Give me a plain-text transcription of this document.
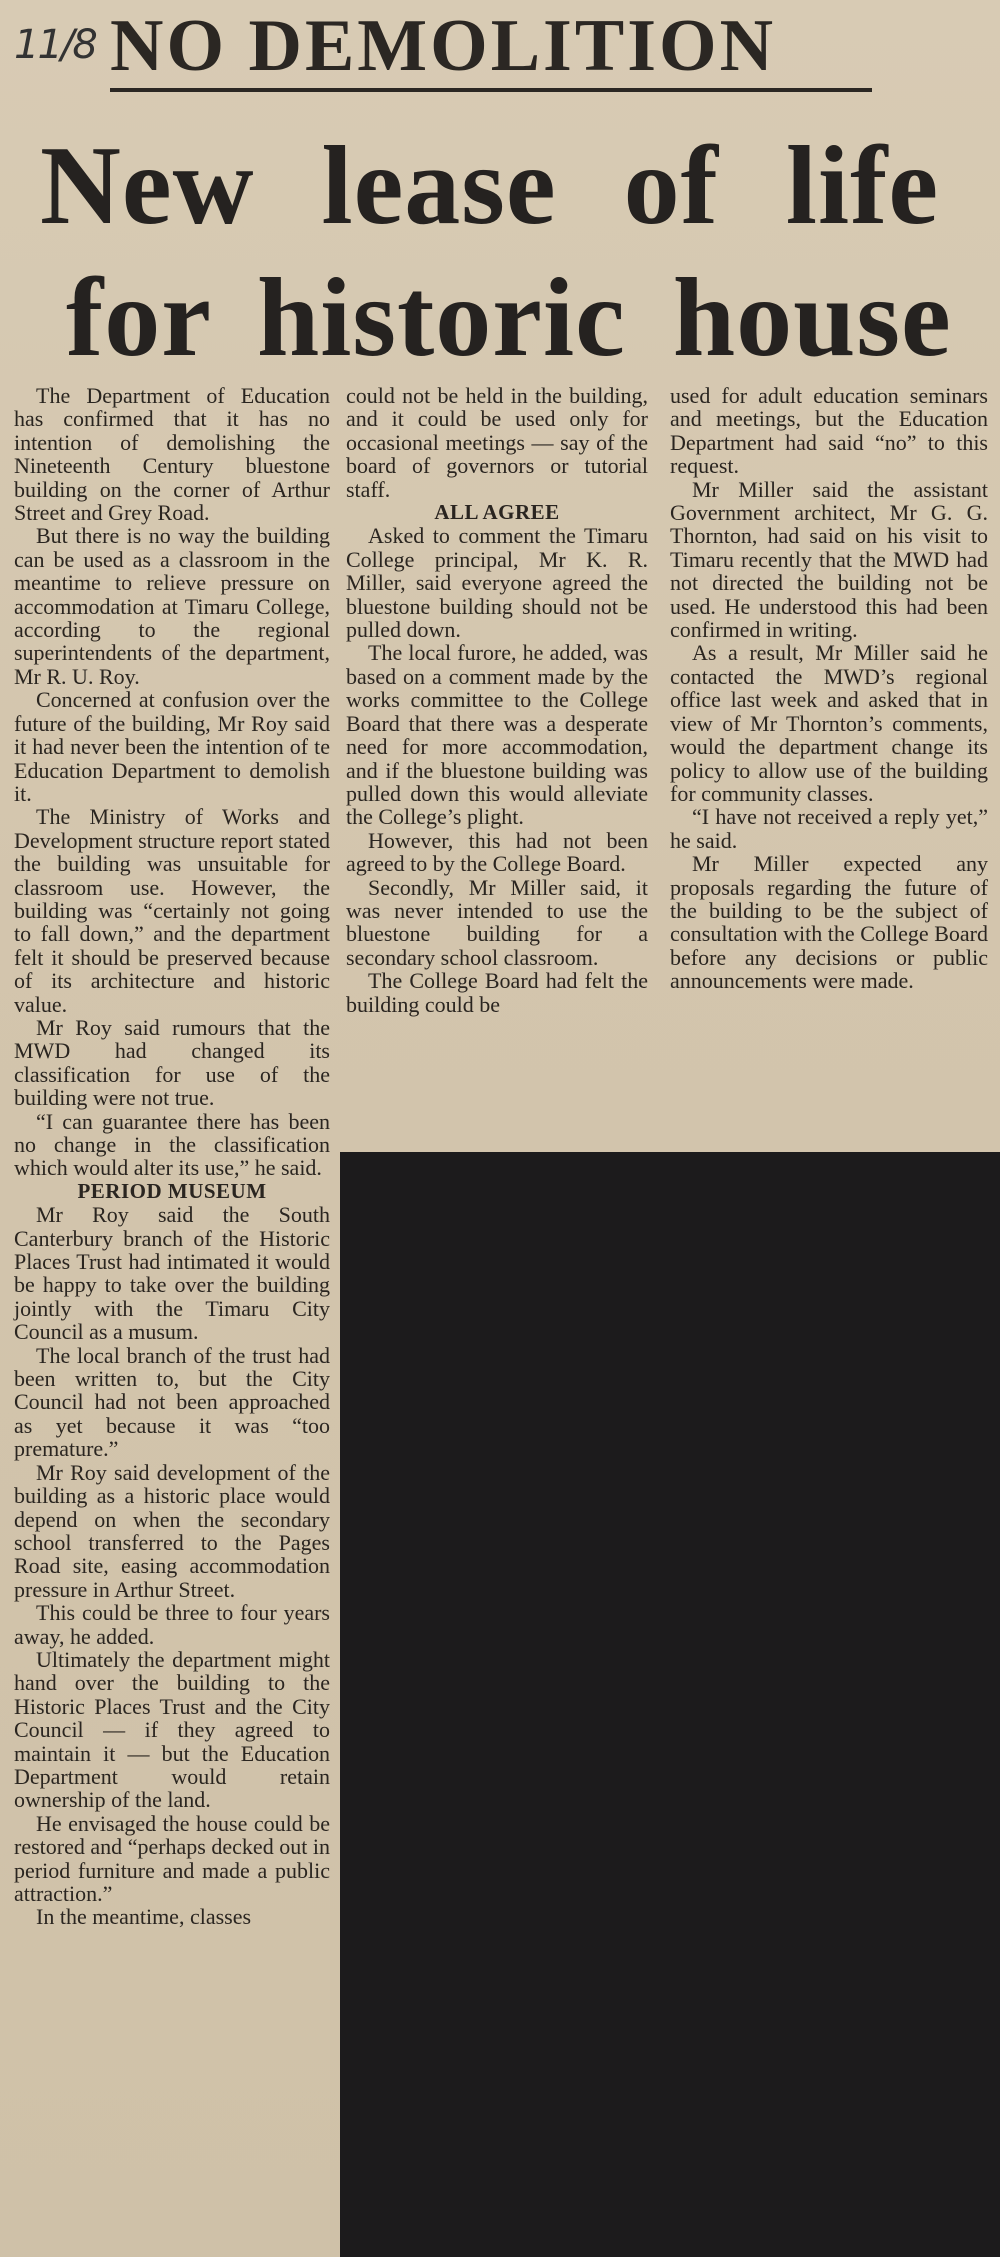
11/8 NO DEMOLITION
New lease of life
for historic house

The Department of Education has confirmed that it has no intention of demolishing the Nineteenth Century bluestone building on the corner of Arthur Street and Grey Road.

But there is no way the building can be used as a classroom in the meantime to relieve pressure on accommodation at Timaru College, according to the regional superintendents of the department, Mr R. U. Roy.

Concerned at confusion over the future of the building, Mr Roy said it had never been the intention of te Education Department to demolish it.

The Ministry of Works and Development structure report stated the building was unsuitable for classroom use. However, the building was “certainly not going to fall down,” and the department felt it should be preserved because of its architecture and historic value.

Mr Roy said rumours that the MWD had changed its classification for use of the building were not true.

“I can guarantee there has been no change in the classification which would alter its use,” he said.

PERIOD MUSEUM

Mr Roy said the South Canterbury branch of the Historic Places Trust had intimated it would be happy to take over the building jointly with the Timaru City Council as a musum.

The local branch of the trust had been written to, but the City Council had not been approached as yet because it was “too premature.”

Mr Roy said development of the building as a historic place would depend on when the secondary school transferred to the Pages Road site, easing accommodation pressure in Arthur Street.

This could be three to four years away, he added.

Ultimately the department might hand over the building to the Historic Places Trust and the City Council — if they agreed to maintain it — but the Education Department would retain ownership of the land.

He envisaged the house could be restored and “perhaps decked out in period furniture and made a public attraction.”

In the meantime, classes

could not be held in the building, and it could be used only for occasional meetings — say of the board of governors or tutorial staff.

ALL AGREE

Asked to comment the Timaru College principal, Mr K. R. Miller, said everyone agreed the bluestone building should not be pulled down.

The local furore, he added, was based on a comment made by the works committee to the College Board that there was a desperate need for more accommodation, and if the bluestone building was pulled down this would alleviate the College’s plight.

However, this had not been agreed to by the College Board.

Secondly, Mr Miller said, it was never intended to use the bluestone building for a secondary school classroom.

The College Board had felt the building could be

used for adult education seminars and meetings, but the Education Department had said “no” to this request.

Mr Miller said the assistant Government architect, Mr G. G. Thornton, had said on his visit to Timaru recently that the MWD had not directed the building not be used. He understood this had been confirmed in writing.

As a result, Mr Miller said he contacted the MWD’s regional office last week and asked that in view of Mr Thornton’s comments, would the department change its policy to allow use of the building for community classes.

“I have not received a reply yet,” he said.

Mr Miller expected any proposals regarding the future of the building to be the subject of consultation with the College Board before any decisions or public announcements were made.
